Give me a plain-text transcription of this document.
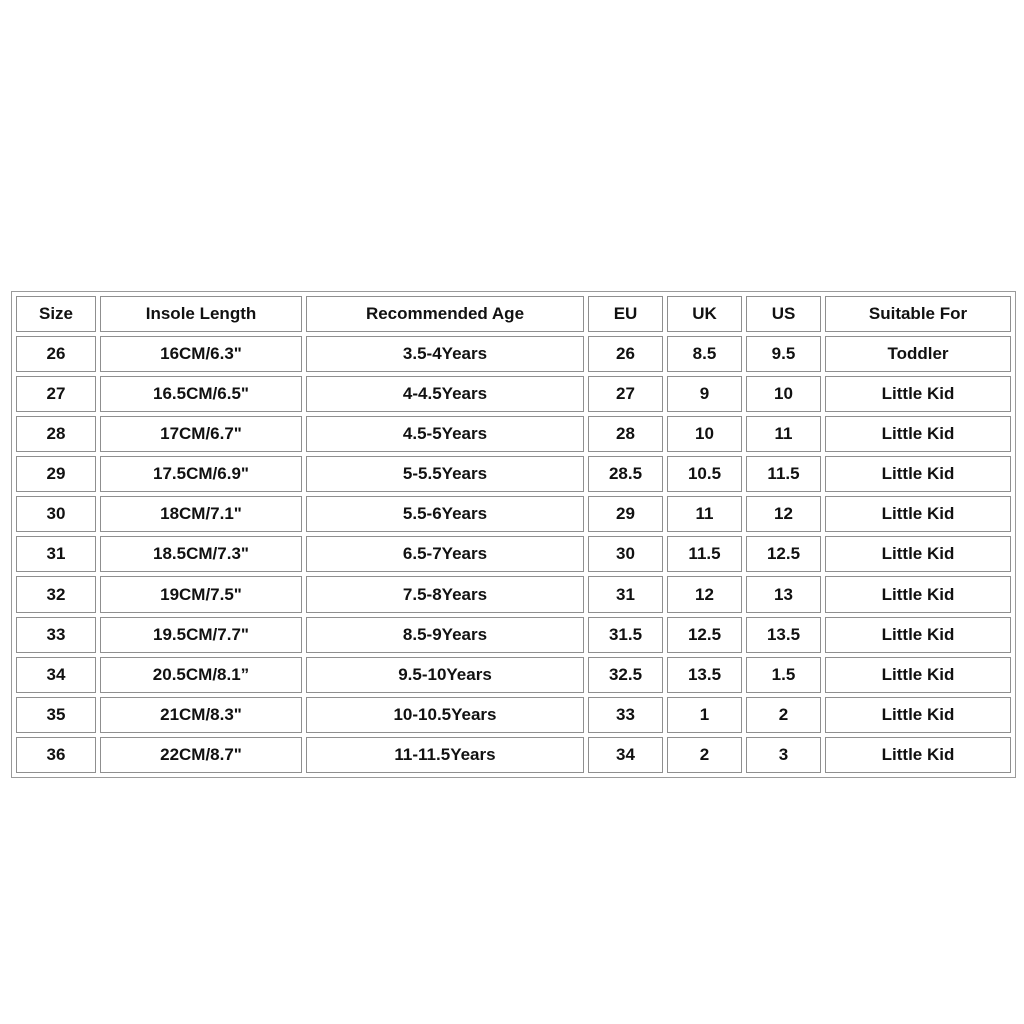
Size	Insole Length	Recommended Age	EU	UK	US	Suitable For
26	16CM/6.3"	3.5-4Years	26	8.5	9.5	Toddler
27	16.5CM/6.5"	4-4.5Years	27	9	10	Little Kid
28	17CM/6.7"	4.5-5Years	28	10	11	Little Kid
29	17.5CM/6.9"	5-5.5Years	28.5	10.5	11.5	Little Kid
30	18CM/7.1"	5.5-6Years	29	11	12	Little Kid
31	18.5CM/7.3"	6.5-7Years	30	11.5	12.5	Little Kid
32	19CM/7.5"	7.5-8Years	31	12	13	Little Kid
33	19.5CM/7.7"	8.5-9Years	31.5	12.5	13.5	Little Kid
34	20.5CM/8.1”	9.5-10Years	32.5	13.5	1.5	Little Kid
35	21CM/8.3"	10-10.5Years	33	1	2	Little Kid
36	22CM/8.7"	11-11.5Years	34	2	3	Little Kid
